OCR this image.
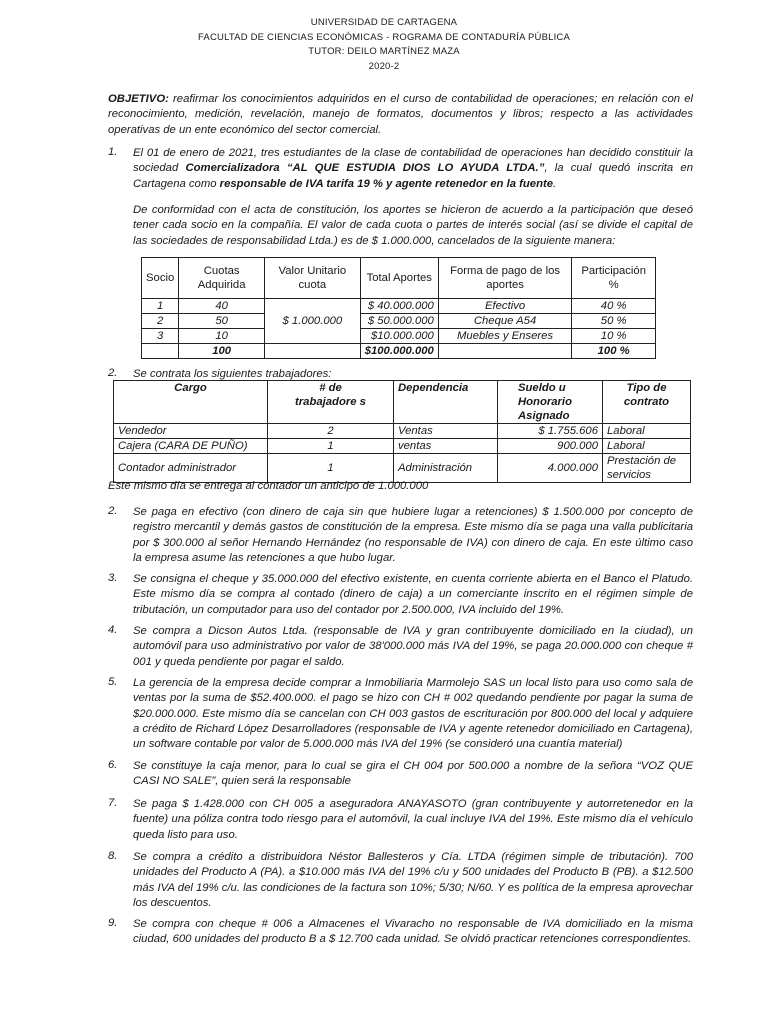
UNIVERSIDAD DE CARTAGENA
FACULTAD DE CIENCIAS ECONÓMICAS - ROGRAMA DE CONTADURÍA PÚBLICA
TUTOR: DEILO MARTÍNEZ MAZA
2020-2
OBJETIVO: reafirmar los conocimientos adquiridos en el curso de contabilidad de operaciones; en relación con el reconocimiento, medición, revelación, manejo de formatos, documentos y libros; respecto a las actividades operativas de un ente económico del sector comercial.
1. El 01 de enero de 2021, tres estudiantes de la clase de contabilidad de operaciones han decidido constituir la sociedad Comercializadora “AL QUE ESTUDIA DIOS LO AYUDA LTDA.”, la cual quedó inscrita en Cartagena como responsable de IVA tarifa 19 % y agente retenedor en la fuente.
De conformidad con el acta de constitución, los aportes se hicieron de acuerdo a la participación que deseó tener cada socio en la compañía. El valor de cada cuota o partes de interés social (así se divide el capital de las sociedades de responsabilidad Ltda.) es de $ 1.000.000, cancelados de la siguiente manera:
Socio	Cuotas Adquirida	Valor Unitario cuota	Total Aportes	Forma de pago de los aportes	Participación %
1	40	$ 1.000.000	$ 40.000.000	Efectivo	40 %
2	50		$ 50.000.000	Cheque A54	50 %
3	10		$10.000.000	Muebles y Enseres	10 %
	100		$100.000.000		100 %
2. Se contrata los siguientes trabajadores:
Cargo	# de trabajadore s	Dependencia	Sueldo u Honorario Asignado	Tipo de contrato
Vendedor	2	Ventas	$ 1.755.606	Laboral
Cajera (CARA DE PUÑO)	1	ventas	900.000	Laboral
Contador administrador	1	Administración	4.000.000	Prestación de servicios
Este mismo día se entrega al contador un anticipo de 1.000.000
2. Se paga en efectivo (con dinero de caja sin que hubiere lugar a retenciones) $ 1.500.000 por concepto de registro mercantil y demás gastos de constitución de la empresa. Este mismo día se paga una valla publicitaria por $ 300.000 al señor Hernando Hernández (no responsable de IVA) con dinero de caja. En este último caso la empresa asume las retenciones a que hubo lugar.
3. Se consigna el cheque y 35.000.000 del efectivo existente, en cuenta corriente abierta en el Banco el Platudo. Este mismo día se compra al contado (dinero de caja) a un comerciante inscrito en el régimen simple de tributación, un computador para uso del contador por 2.500.000, IVA incluido del 19%.
4. Se compra a Dicson Autos Ltda. (responsable de IVA y gran contribuyente domiciliado en la ciudad), un automóvil para uso administrativo por valor de 38'000.000 más IVA del 19%, se paga 20.000.000 con cheque # 001 y queda pendiente por pagar el saldo.
5. La gerencia de la empresa decide comprar a Inmobiliaria Marmolejo SAS un local listo para uso como sala de ventas por la suma de $52.400.000. el pago se hizo con CH # 002 quedando pendiente por pagar la suma de $20.000.000. Este mismo día se cancelan con CH 003 gastos de escrituración por 800.000 del local y adquiere a crédito de Richard López Desarrolladores (responsable de IVA y agente retenedor domiciliado en Cartagena), un software contable por valor de 5.000.000 más IVA del 19% (se consideró una cuantía material)
6. Se constituye la caja menor, para lo cual se gira el CH 004 por 500.000 a nombre de la señora “VOZ QUE CASI NO SALE”, quien será la responsable
7. Se paga $ 1.428.000 con CH 005 a aseguradora ANAYASOTO (gran contribuyente y autorretenedor en la fuente) una póliza contra todo riesgo para el automóvil, la cual incluye IVA del 19%. Este mismo día el vehículo queda listo para uso.
8. Se compra a crédito a distribuidora Néstor Ballesteros y Cía. LTDA (régimen simple de tributación). 700 unidades del Producto A (PA). a $10.000 más IVA del 19% c/u y 500 unidades del Producto B (PB). a $12.500 más IVA del 19% c/u. las condiciones de la factura son 10%; 5/30; N/60. Y es política de la empresa aprovechar los descuentos.
9. Se compra con cheque # 006 a Almacenes el Vivaracho no responsable de IVA domiciliado en la misma ciudad, 600 unidades del producto B a $ 12.700 cada unidad. Se olvidó practicar retenciones correspondientes.
